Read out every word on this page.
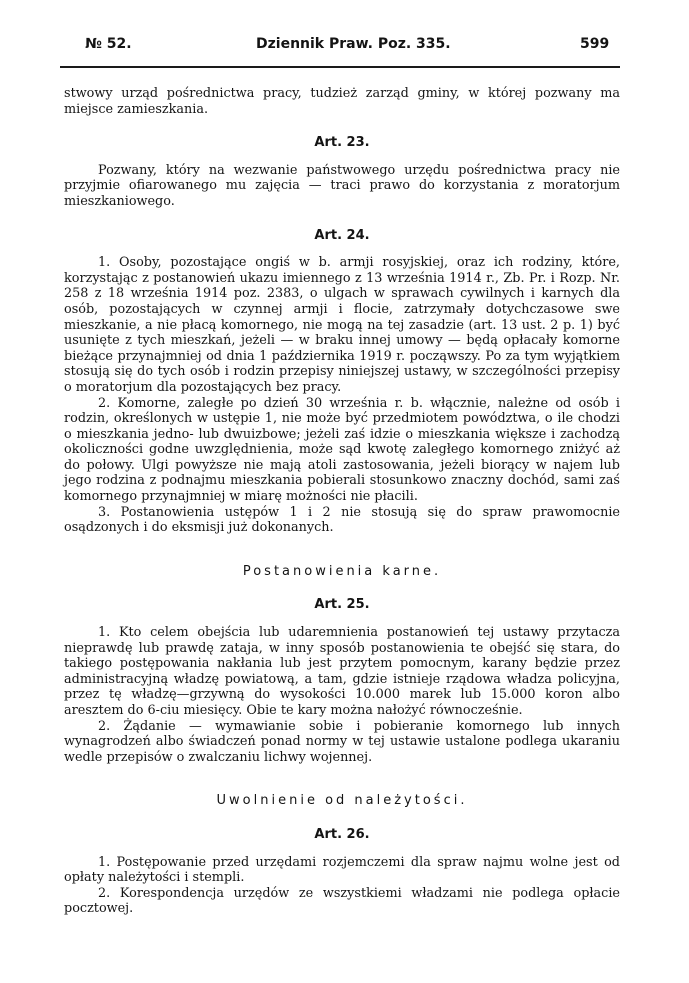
№ 52.	Dziennik Praw. Poz. 335.	599

stwowy urząd pośrednictwa pracy, tudzież zarząd gminy, w której pozwany ma miejsce zamieszkania.

Art. 23.

Pozwany, który na wezwanie państwowego urzędu pośrednictwa pracy nie przyjmie ofiarowanego mu zajęcia — traci prawo do korzystania z moratorjum mieszkaniowego.

Art. 24.

1. Osoby, pozostające ongiś w b. armji rosyjskiej, oraz ich rodziny, które, korzystając z postanowień ukazu imiennego z 13 września 1914 r., Zb. Pr. i Rozp. Nr. 258 z 18 września 1914 poz. 2383, o ulgach w sprawach cywilnych i karnych dla osób, pozostających w czynnej armji i flocie, zatrzymały dotychczasowe swe mieszkanie, a nie płacą komornego, nie mogą na tej zasadzie (art. 13 ust. 2 p. 1) być usunięte z tych mieszkań, jeżeli — w braku innej umowy — będą opłacały komorne bieżące przynajmniej od dnia 1 października 1919 r. począwszy. Po za tym wyjątkiem stosują się do tych osób i rodzin przepisy niniejszej ustawy, w szczególności przepisy o moratorjum dla pozostających bez pracy.

2. Komorne, zaległe po dzień 30 września r. b. włącznie, należne od osób i rodzin, określonych w ustępie 1, nie może być przedmiotem powództwa, o ile chodzi o mieszkania jedno- lub dwuizbowe; jeżeli zaś idzie o mieszkania większe i zachodzą okoliczności godne uwzględnienia, może sąd kwotę zaległego komornego zniżyć aż do połowy. Ulgi powyższe nie mają atoli zastosowania, jeżeli biorący w najem lub jego rodzina z podnajmu mieszkania pobierali stosunkowo znaczny dochód, sami zaś komornego przynajmniej w miarę możności nie płacili.

3. Postanowienia ustępów 1 i 2 nie stosują się do spraw prawomocnie osądzonych i do eksmisji już dokonanych.

Postanowienia karne.
Art. 25.

1. Kto celem obejścia lub udaremnienia postanowień tej ustawy przytacza nieprawdę lub prawdę zataja, w inny sposób postanowienia te obejść się stara, do takiego postępowania nakłania lub jest przytem pomocnym, karany będzie przez administracyjną władzę powiatową, a tam, gdzie istnieje rządowa władza policyjna, przez tę władzę—grzywną do wysokości 10.000 marek lub 15.000 koron albo aresztem do 6-ciu miesięcy. Obie te kary można nałożyć równocześnie.

2. Żądanie — wymawianie sobie i pobieranie komornego lub innych wynagrodzeń albo świadczeń ponad normy w tej ustawie ustalone podlega ukaraniu wedle przepisów o zwalczaniu lichwy wojennej.

Uwolnienie od należytości.
Art. 26.

1. Postępowanie przed urzędami rozjemczemi dla spraw najmu wolne jest od opłaty należytości i stempli.

2. Korespondencja urzędów ze wszystkiemi władzami nie podlega opłacie pocztowej.
